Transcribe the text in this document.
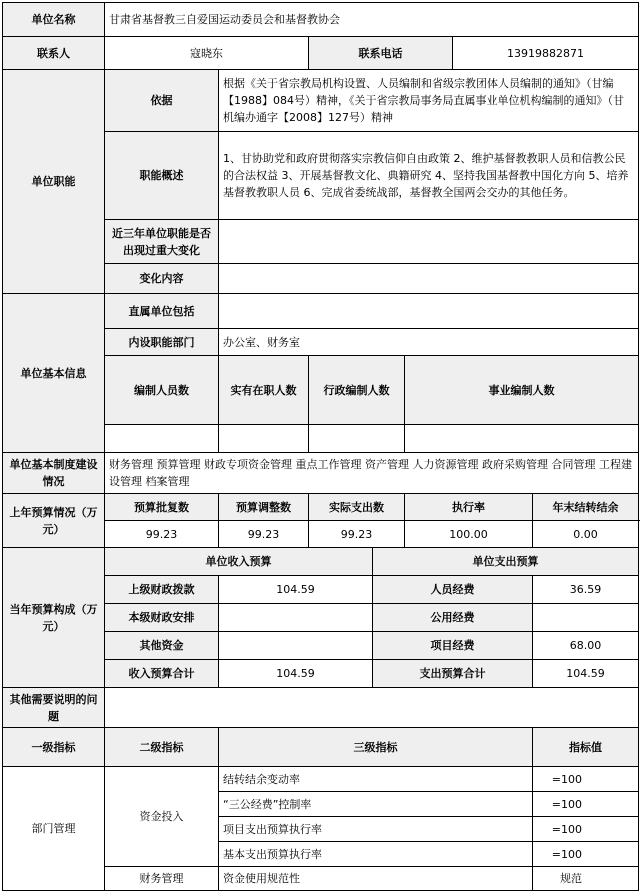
单位名称	甘肃省基督教三自爱国运动委员会和基督教协会							
联系人	寇晓东		联系电话			13919882871		
单位职能	依据	根据《关于省宗教局机构设置、人员编制和省级宗教团体人员编制的通知》（甘编【1988】084号）精神，《关于省宗教局事务局直属事业单位机构编制的通知》（甘机编办通字【2008】127号）精神						
	职能概述	1、甘协助党和政府贯彻落实宗教信仰自由政策 2、维护基督教教职人员和信教公民的合法权益 3、开展基督教文化、典籍研究 4、坚持我国基督教中国化方向 5、培养基督教教职人员 6、完成省委统战部，基督教全国两会交办的其他任务。						
	近三年单位职能是否出现过重大变化							
	变化内容							
单位基本信息	直属单位包括							
	内设职能部门	办公室、财务室						
	编制人员数	实有在职人数	行政编制人数		事业编制人数	

单位基本制度建设情况	财务管理 预算管理 财政专项资金管理 重点工作管理 资产管理 人力资源管理 政府采购管理 合同管理 工程建设管理 档案管理							
上年预算情况（万元）	预算批复数	预算调整数	实际支出数		执行率		年末结转结余	
	99.23	99.23	99.23		100.00		0.00	
当年预算构成（万元）	单位收入预算			单位支出预算				
	上级财政拨款	104.59		人员经费			36.59	
	本级财政安排			公用经费				
	其他资金			项目经费			68.00	
	收入预算合计	104.59		支出预算合计			104.59	
其他需要说明的问题								
一级指标	二级指标	三级指标					指标值	
部门管理	资金投入	结转结余变动率					=100	
		“三公经费”控制率					=100	
		项目支出预算执行率					=100	
		基本支出预算执行率					=100	
	财务管理	资金使用规范性					规范	
